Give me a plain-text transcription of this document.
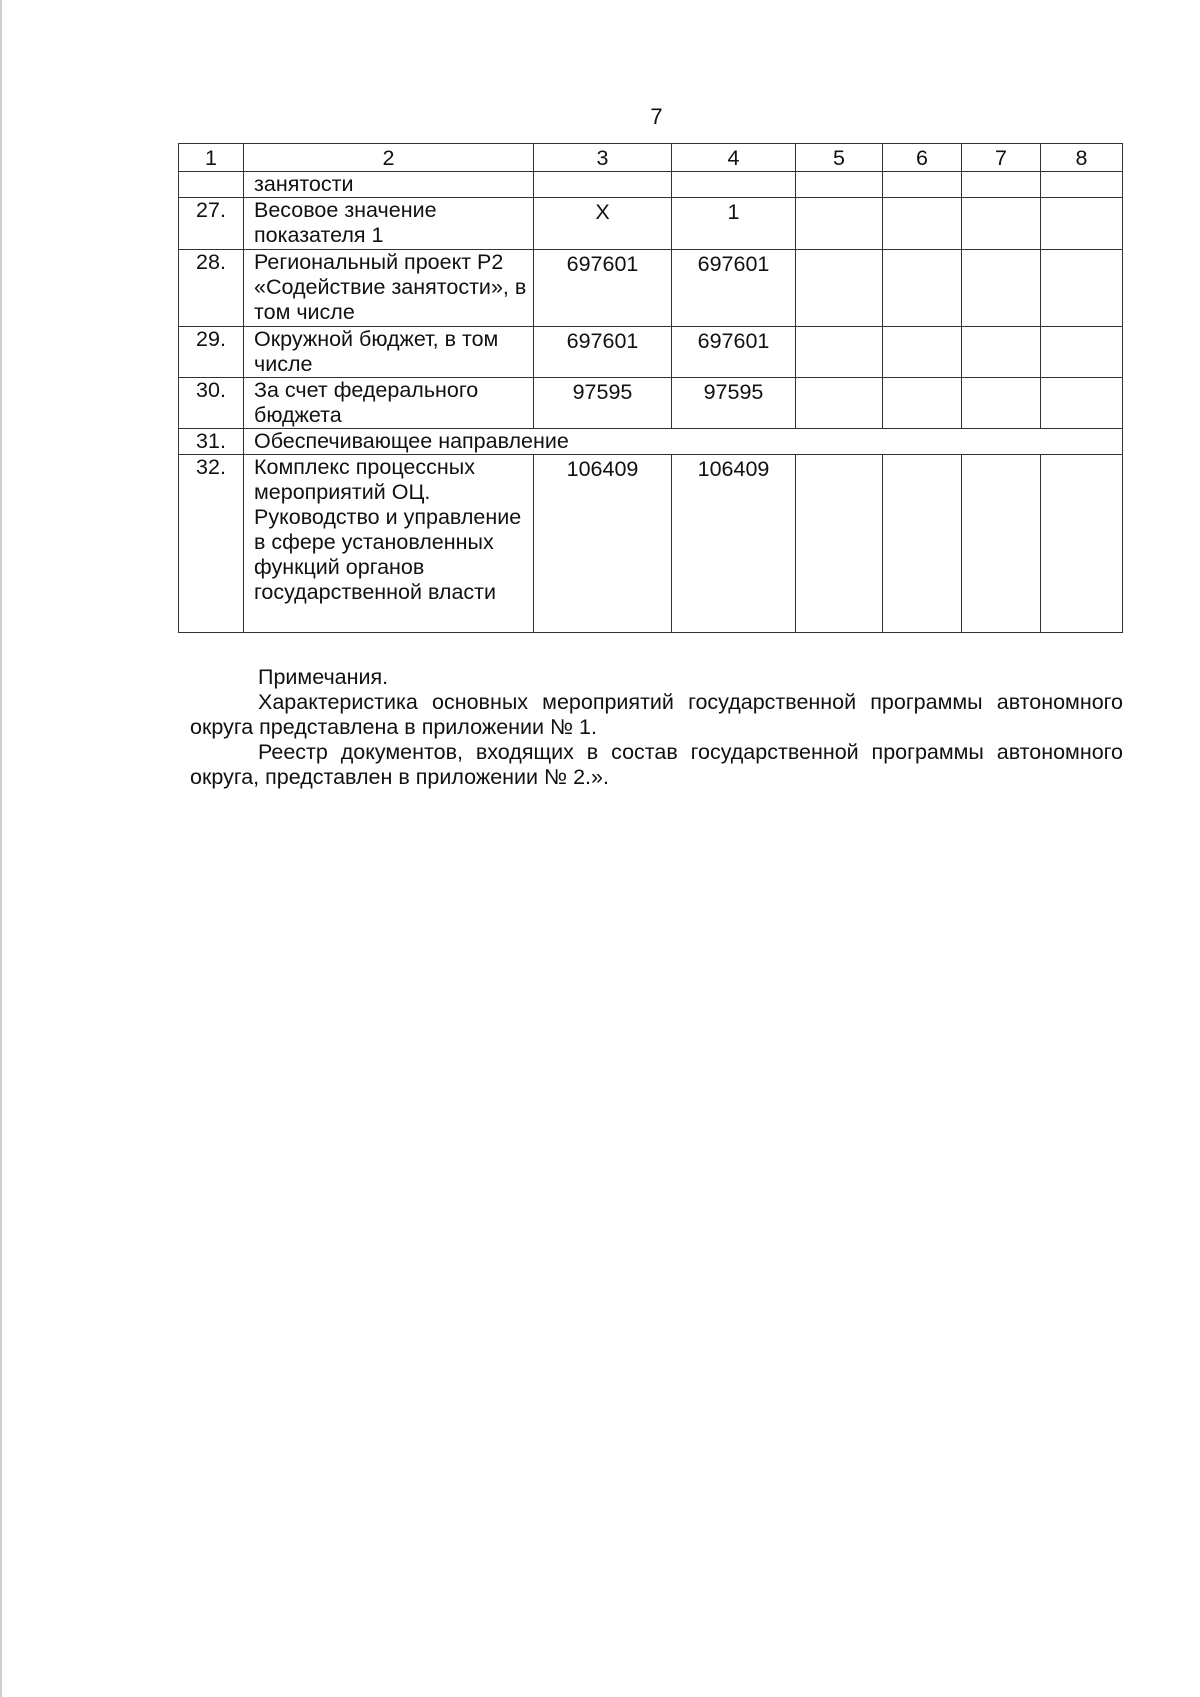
7
1	2	3	4	5	6	7	8
	занятости						
27.	Весовое значение показателя 1	Х	1				
28.	Региональный проект Р2 «Содействие занятости», в том числе	697601	697601				
29.	Окружной бюджет, в том числе	697601	697601				
30.	За счет федерального бюджета	97595	97595				
31.	Обеспечивающее направление						
32.	Комплекс процессных мероприятий ОЦ. Руководство и управление в сфере установленных функций органов государственной власти	106409	106409				

Примечания.

Характеристика основных мероприятий государственной программы автономного округа представлена в приложении № 1.

Реестр документов, входящих в состав государственной программы автономного округа, представлен в приложении № 2.».
